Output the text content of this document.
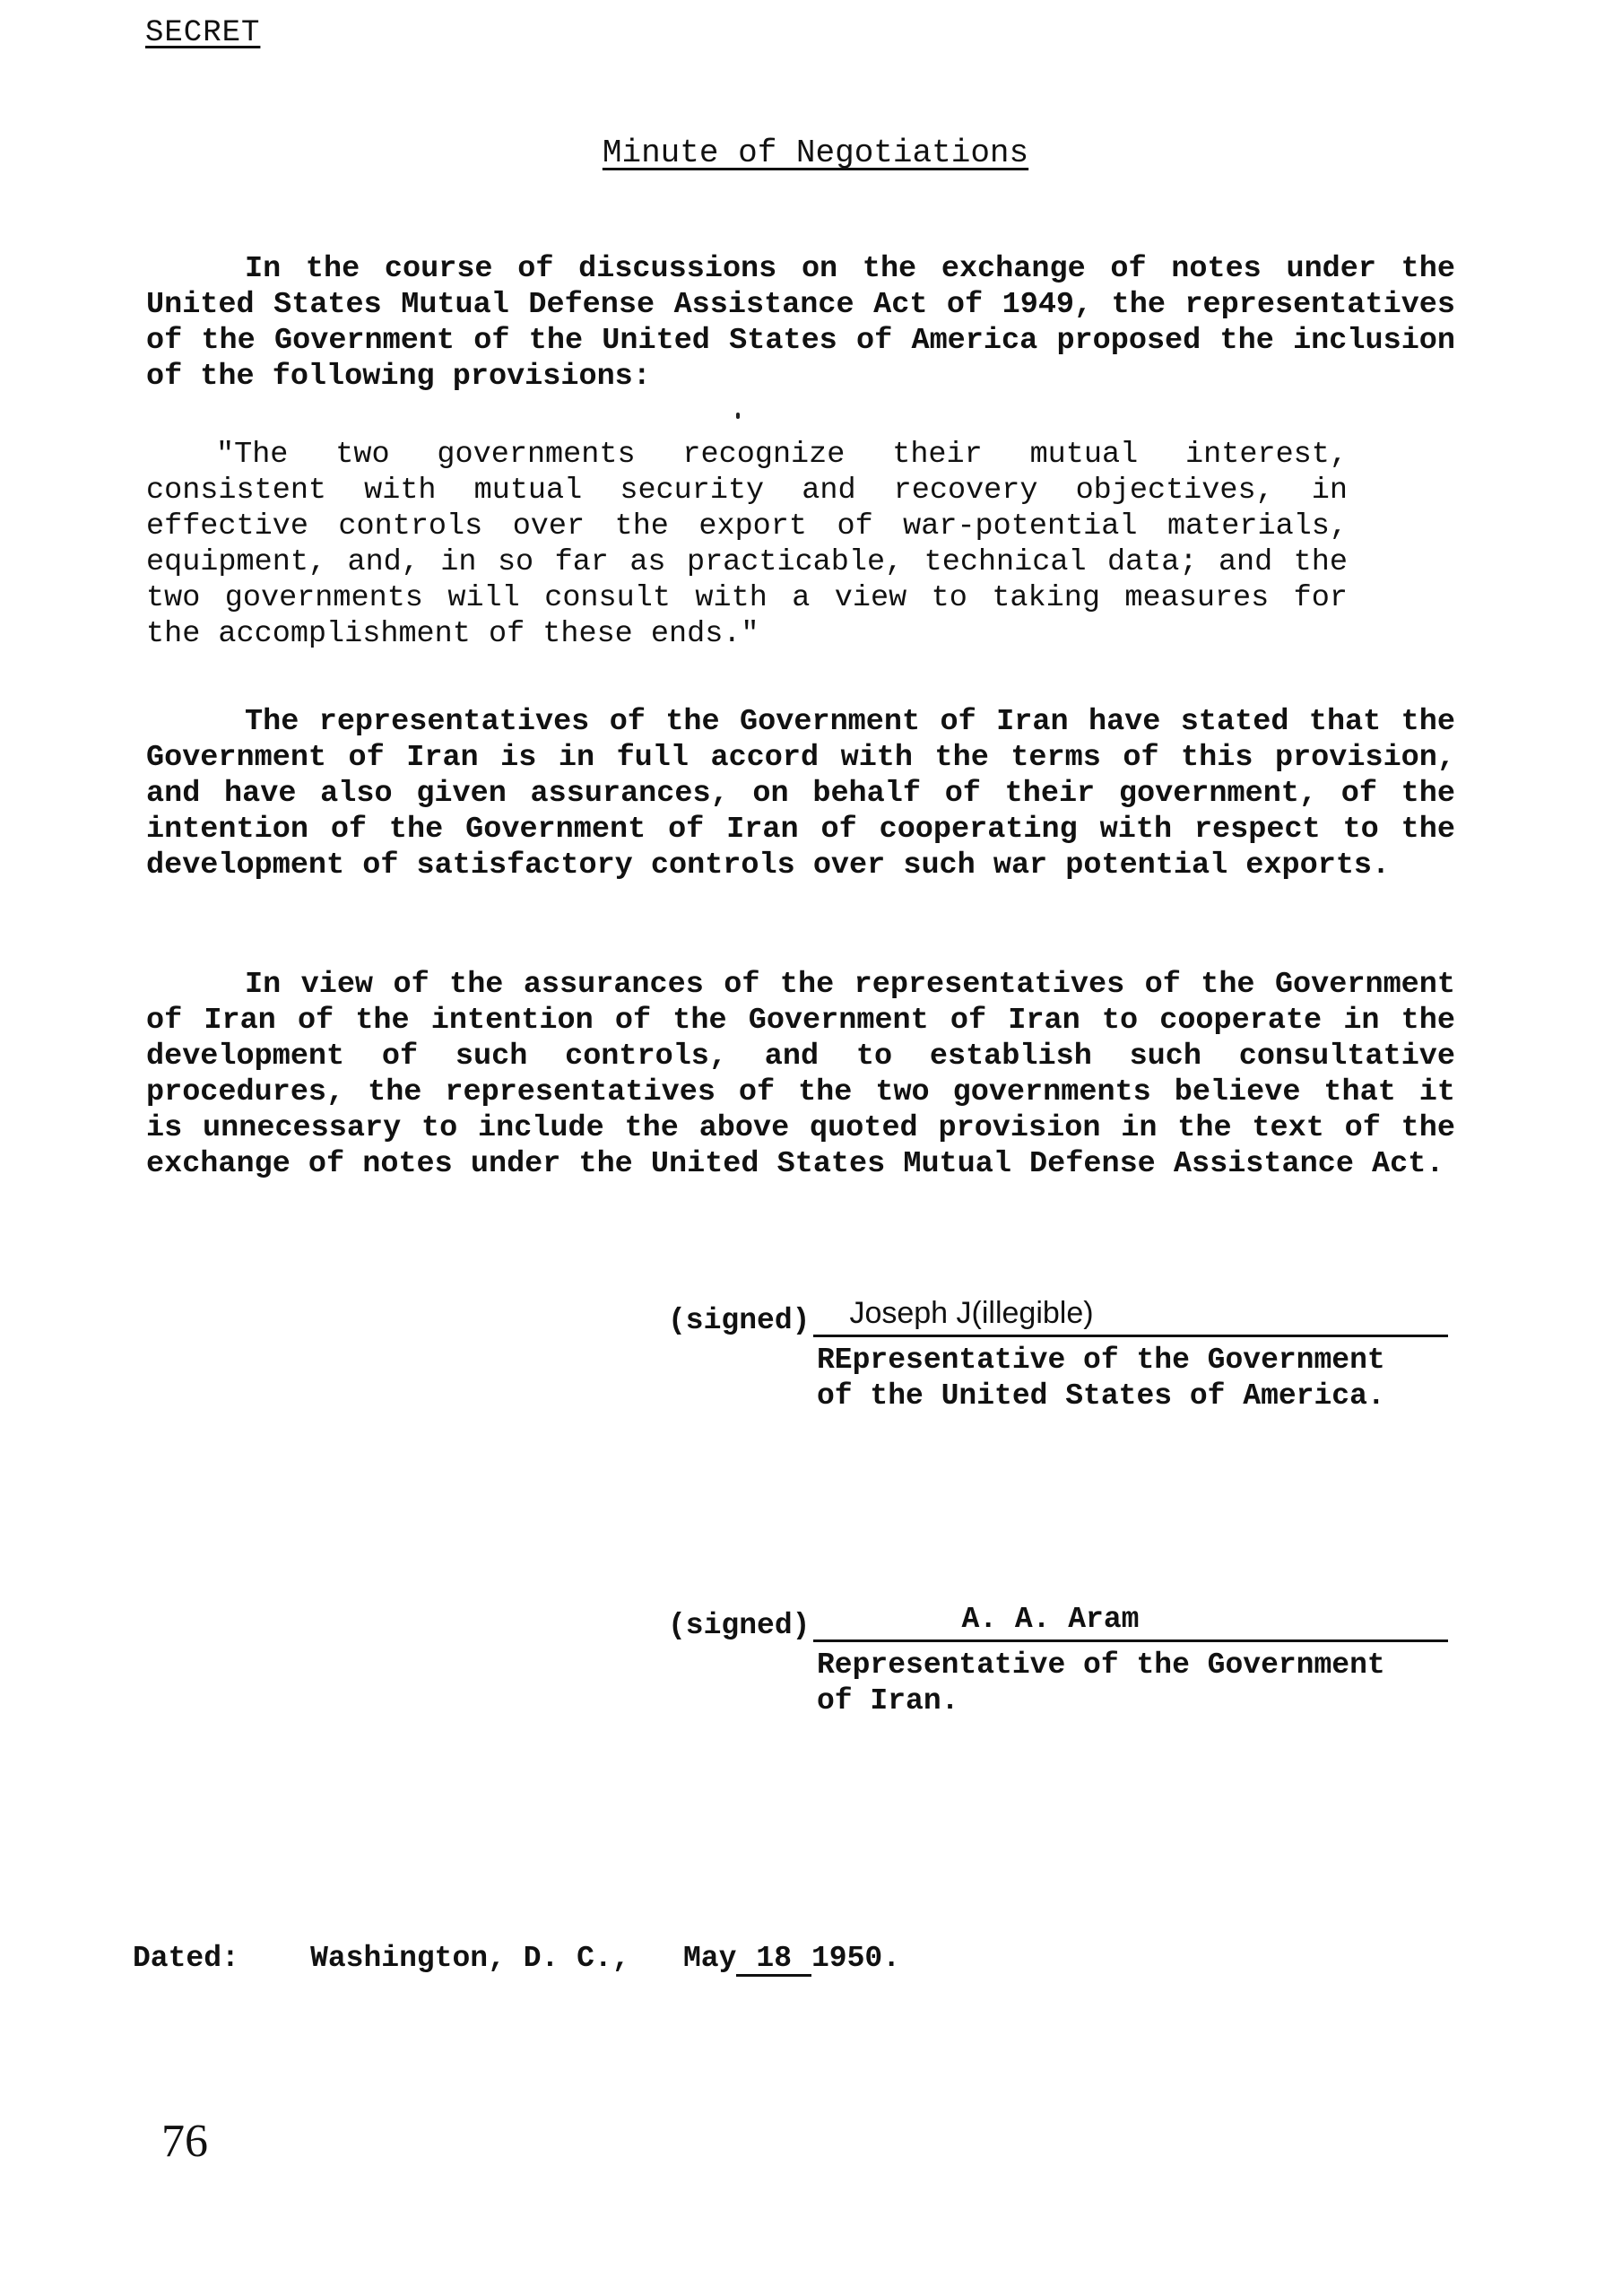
SECRET
Minute of Negotiations

In the course of discussions on the exchange of notes under the United States Mutual Defense Assistance Act of 1949, the representatives of the Government of the United States of America proposed the inclusion of the following provisions:

"The two governments recognize their mutual interest, consistent with mutual security and recovery objectives, in effective controls over the export of war-potential materials, equipment, and, in so far as practicable, technical data; and the two governments will consult with a view to taking measures for the accomplishment of these ends."

The representatives of the Government of Iran have stated that the Government of Iran is in full accord with the terms of this provision, and have also given assurances, on behalf of their government, of the intention of the Government of Iran of cooperating with respect to the development of satisfactory controls over such war potential exports.

In view of the assurances of the representatives of the Government of Iran of the intention of the Government of Iran to cooperate in the development of such controls, and to establish such consultative procedures, the representatives of the two governments believe that it is unnecessary to include the above quoted provision in the text of the exchange of notes under the United States Mutual Defense Assistance Act.

(signed) Joseph J(illegible)
REpresentative of the Government of the United States of America.
(signed)	A. A. Aram
Representative of the Government of Iran.
Dated: Washington, D. C., May 18 1950.
76
